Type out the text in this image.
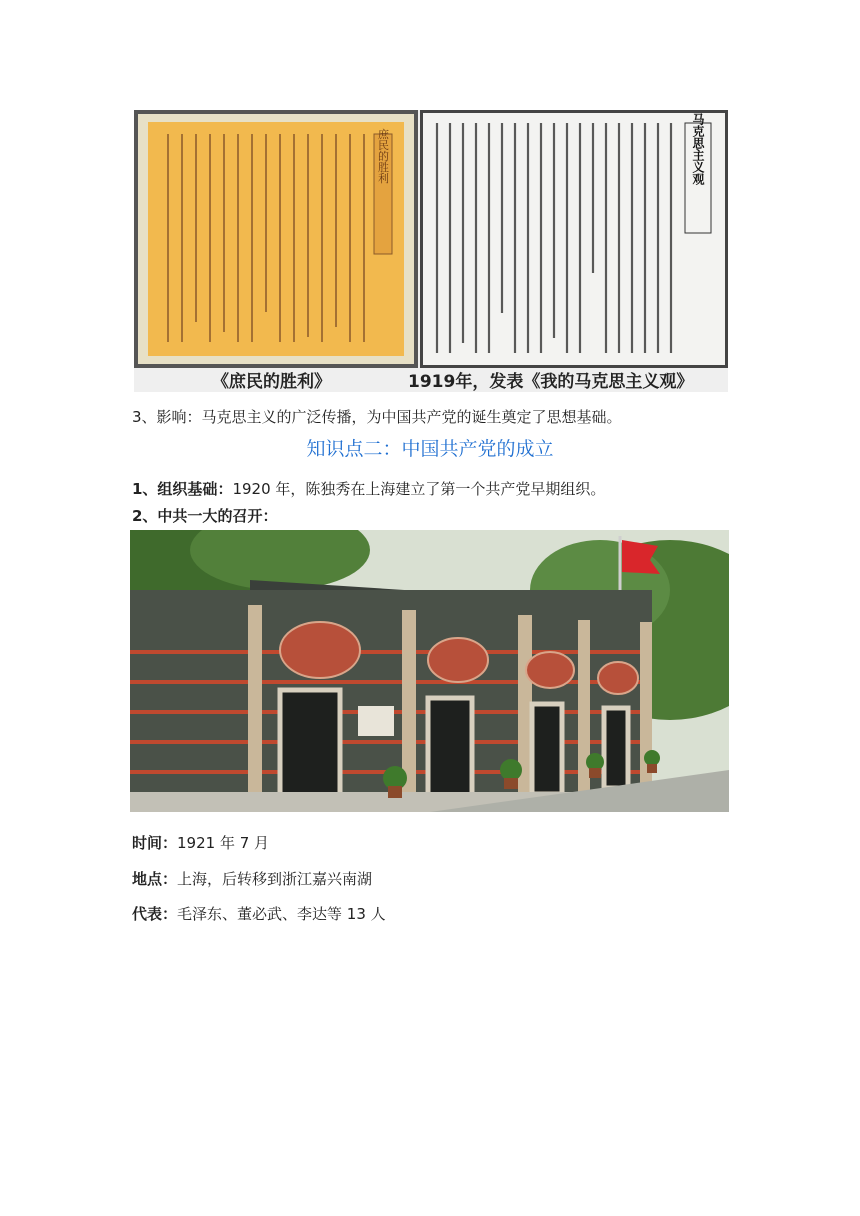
庶民的胜利	我的马克思主义观
《庶民的胜利》	1919年，发表《我的马克思主义观》
3、影响：马克思主义的广泛传播，为中国共产党的诞生奠定了思想基础。
知识点二：中国共产党的成立
1、组织基础：1920 年，陈独秀在上海建立了第一个共产党早期组织。
2、中共一大的召开：
时间：1921 年 7 月
地点：上海，后转移到浙江嘉兴南湖
代表：毛泽东、董必武、李达等 13 人
